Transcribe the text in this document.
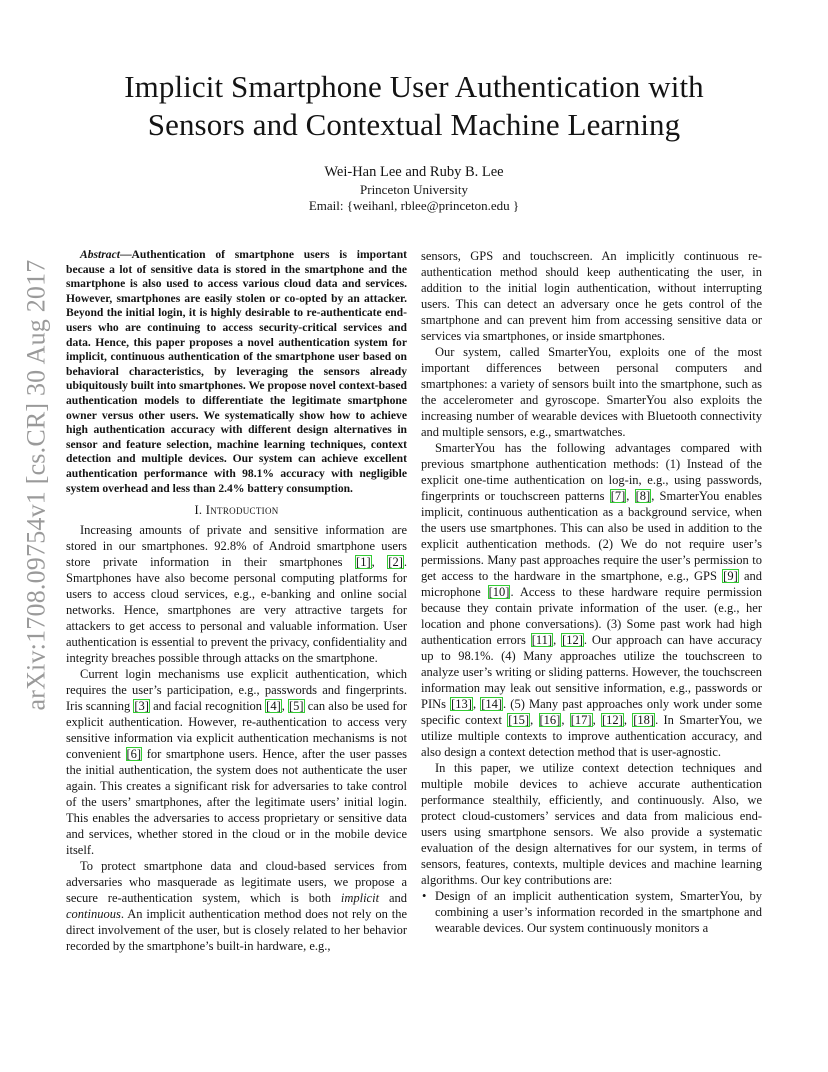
arXiv:1708.09754v1 [cs.CR] 30 Aug 2017
Implicit Smartphone User Authentication with
Sensors and Contextual Machine Learning
Wei-Han Lee and Ruby B. Lee
Princeton University
Email: {weihanl, rblee@princeton.edu }

Abstract—Authentication of smartphone users is important because a lot of sensitive data is stored in the smartphone and the smartphone is also used to access various cloud data and services. However, smartphones are easily stolen or co-opted by an attacker. Beyond the initial login, it is highly desirable to re-authenticate end-users who are continuing to access security-critical services and data. Hence, this paper proposes a novel authentication system for implicit, continuous authentication of the smartphone user based on behavioral characteristics, by leveraging the sensors already ubiquitously built into smartphones. We propose novel context-based authentication models to differentiate the legitimate smartphone owner versus other users. We systematically show how to achieve high authentication accuracy with different design alternatives in sensor and feature selection, machine learning techniques, context detection and multiple devices. Our system can achieve excellent authentication performance with 98.1% accuracy with negligible system overhead and less than 2.4% battery consumption.

I. Introduction

Increasing amounts of private and sensitive information are stored in our smartphones. 92.8% of Android smartphone users store private information in their smartphones [1], [2]. Smartphones have also become personal computing platforms for users to access cloud services, e.g., e-banking and online social networks. Hence, smartphones are very attractive targets for attackers to get access to personal and valuable information. User authentication is essential to prevent the privacy, confidentiality and integrity breaches possible through attacks on the smartphone.

Current login mechanisms use explicit authentication, which requires the user’s participation, e.g., passwords and fingerprints. Iris scanning [3] and facial recognition [4], [5] can also be used for explicit authentication. However, re-authentication to access very sensitive information via explicit authentication mechanisms is not convenient [6] for smartphone users. Hence, after the user passes the initial authentication, the system does not authenticate the user again. This creates a significant risk for adversaries to take control of the users’ smartphones, after the legitimate users’ initial login. This enables the adversaries to access proprietary or sensitive data and services, whether stored in the cloud or in the mobile device itself.

To protect smartphone data and cloud-based services from adversaries who masquerade as legitimate users, we propose a secure re-authentication system, which is both implicit and continuous. An implicit authentication method does not rely on the direct involvement of the user, but is closely related to her behavior recorded by the smartphone’s built-in hardware, e.g.,

sensors, GPS and touchscreen. An implicitly continuous re-authentication method should keep authenticating the user, in addition to the initial login authentication, without interrupting users. This can detect an adversary once he gets control of the smartphone and can prevent him from accessing sensitive data or services via smartphones, or inside smartphones.

Our system, called SmarterYou, exploits one of the most important differences between personal computers and smartphones: a variety of sensors built into the smartphone, such as the accelerometer and gyroscope. SmarterYou also exploits the increasing number of wearable devices with Bluetooth connectivity and multiple sensors, e.g., smartwatches.

SmarterYou has the following advantages compared with previous smartphone authentication methods: (1) Instead of the explicit one-time authentication on log-in, e.g., using passwords, fingerprints or touchscreen patterns [7], [8], SmarterYou enables implicit, continuous authentication as a background service, when the users use smartphones. This can also be used in addition to the explicit authentication methods. (2) We do not require user’s permissions. Many past approaches require the user’s permission to get access to the hardware in the smartphone, e.g., GPS [9] and microphone [10]. Access to these hardware require permission because they contain private information of the user. (e.g., her location and phone conversations). (3) Some past work had high authentication errors [11], [12]. Our approach can have accuracy up to 98.1%. (4) Many approaches utilize the touchscreen to analyze user’s writing or sliding patterns. However, the touchscreen information may leak out sensitive information, e.g., passwords or PINs [13], [14]. (5) Many past approaches only work under some specific context [15], [16], [17], [12], [18]. In SmarterYou, we utilize multiple contexts to improve authentication accuracy, and also design a context detection method that is user-agnostic.

In this paper, we utilize context detection techniques and multiple mobile devices to achieve accurate authentication performance stealthily, efficiently, and continuously. Also, we protect cloud-customers’ services and data from malicious end-users using smartphone sensors. We also provide a systematic evaluation of the design alternatives for our system, in terms of sensors, features, contexts, multiple devices and machine learning algorithms. Our key contributions are:

• Design of an implicit authentication system, SmarterYou, by combining a user’s information recorded in the smartphone and wearable devices. Our system continuously monitors a
